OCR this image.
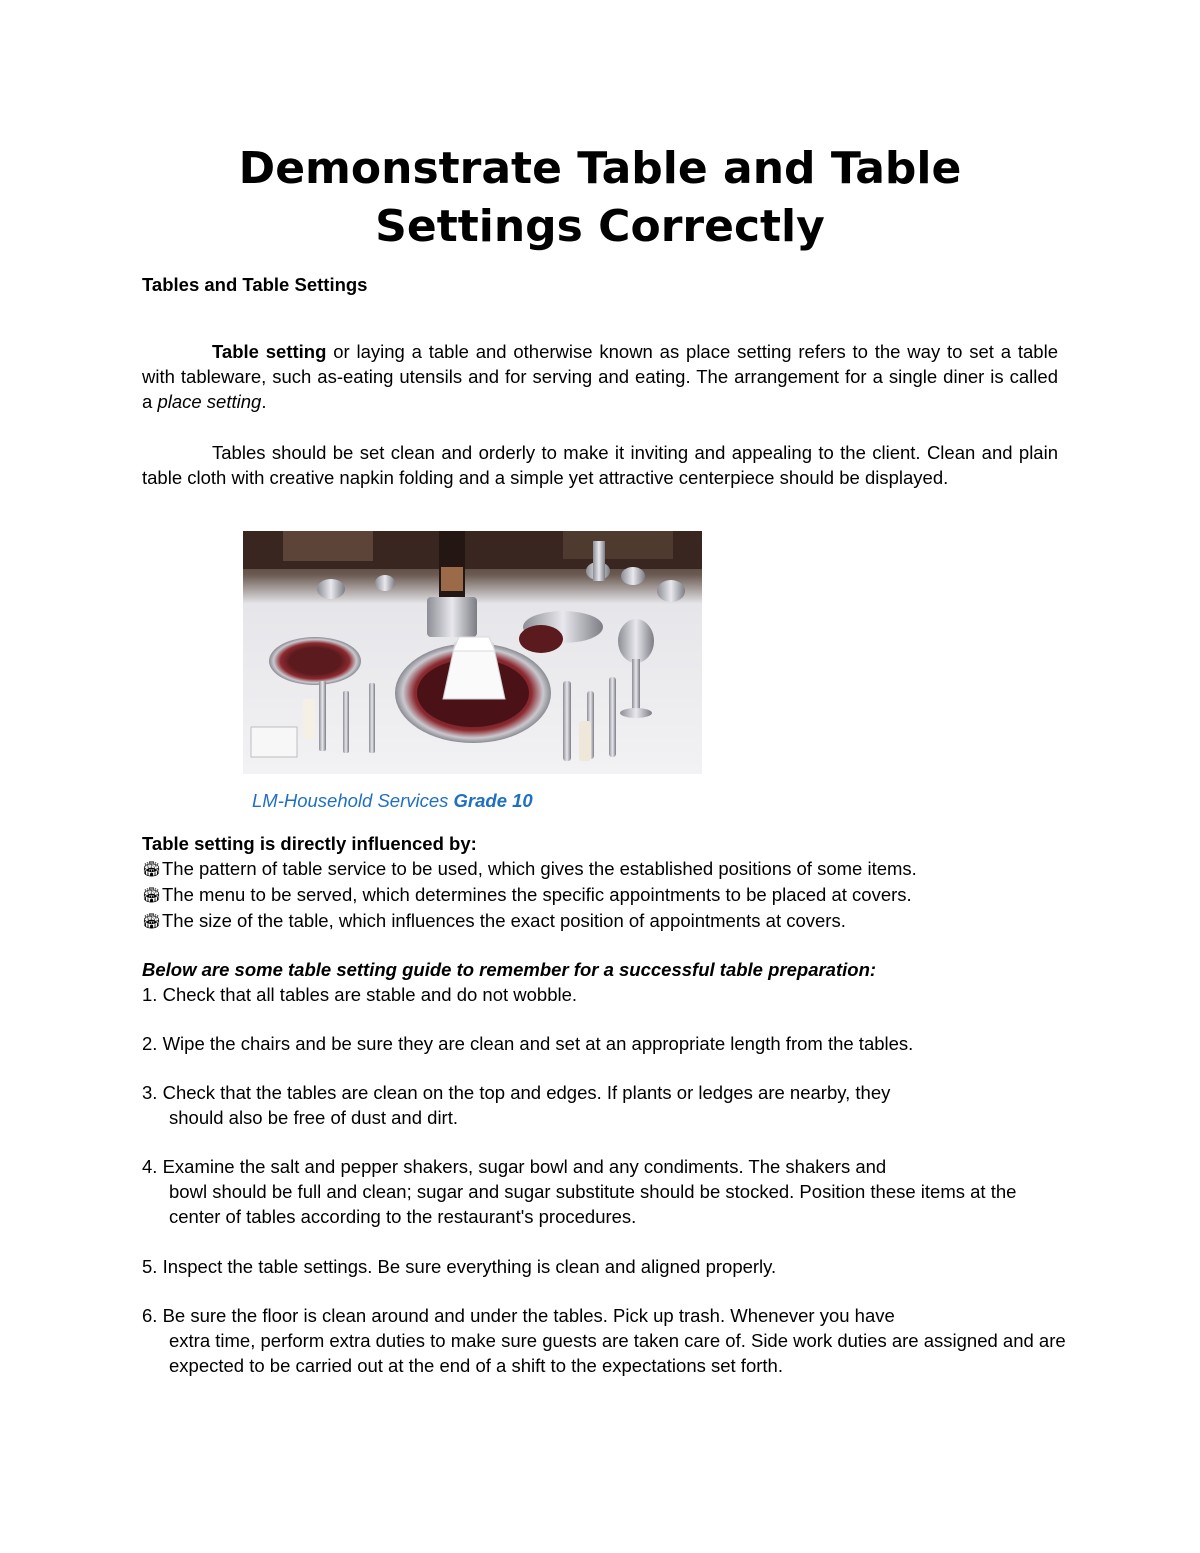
Demonstrate Table and Table
Settings Correctly

Tables and Table Settings

Table setting or laying a table and otherwise known as place setting refers to the way to set a table with tableware, such as-eating utensils and for serving and eating. The arrangement for a single diner is called a place setting.

Tables should be set clean and orderly to make it inviting and appealing to the client. Clean and plain table cloth with creative napkin folding and a simple yet attractive centerpiece should be displayed.

LM-Household Services Grade 10
Table setting is directly influenced by:
🏟The pattern of table service to be used, which gives the established positions of some items.
🏟The menu to be served, which determines the specific appointments to be placed at covers.
🏟The size of the table, which influences the exact position of appointments at covers.

Below are some table setting guide to remember for a successful table preparation:

1. Check that all tables are stable and do not wobble.

2. Wipe the chairs and be sure they are clean and set at an appropriate length from the tables.

3. Check that the tables are clean on the top and edges. If plants or ledges are nearby, they
should also be free of dust and dirt.

4. Examine the salt and pepper shakers, sugar bowl and any condiments. The shakers and
bowl should be full and clean; sugar and sugar substitute should be stocked. Position these items at the center of tables according to the restaurant's procedures.

5. Inspect the table settings. Be sure everything is clean and aligned properly.

6. Be sure the floor is clean around and under the tables. Pick up trash. Whenever you have
extra time, perform extra duties to make sure guests are taken care of. Side work duties are assigned and are expected to be carried out at the end of a shift to the expectations set forth.
